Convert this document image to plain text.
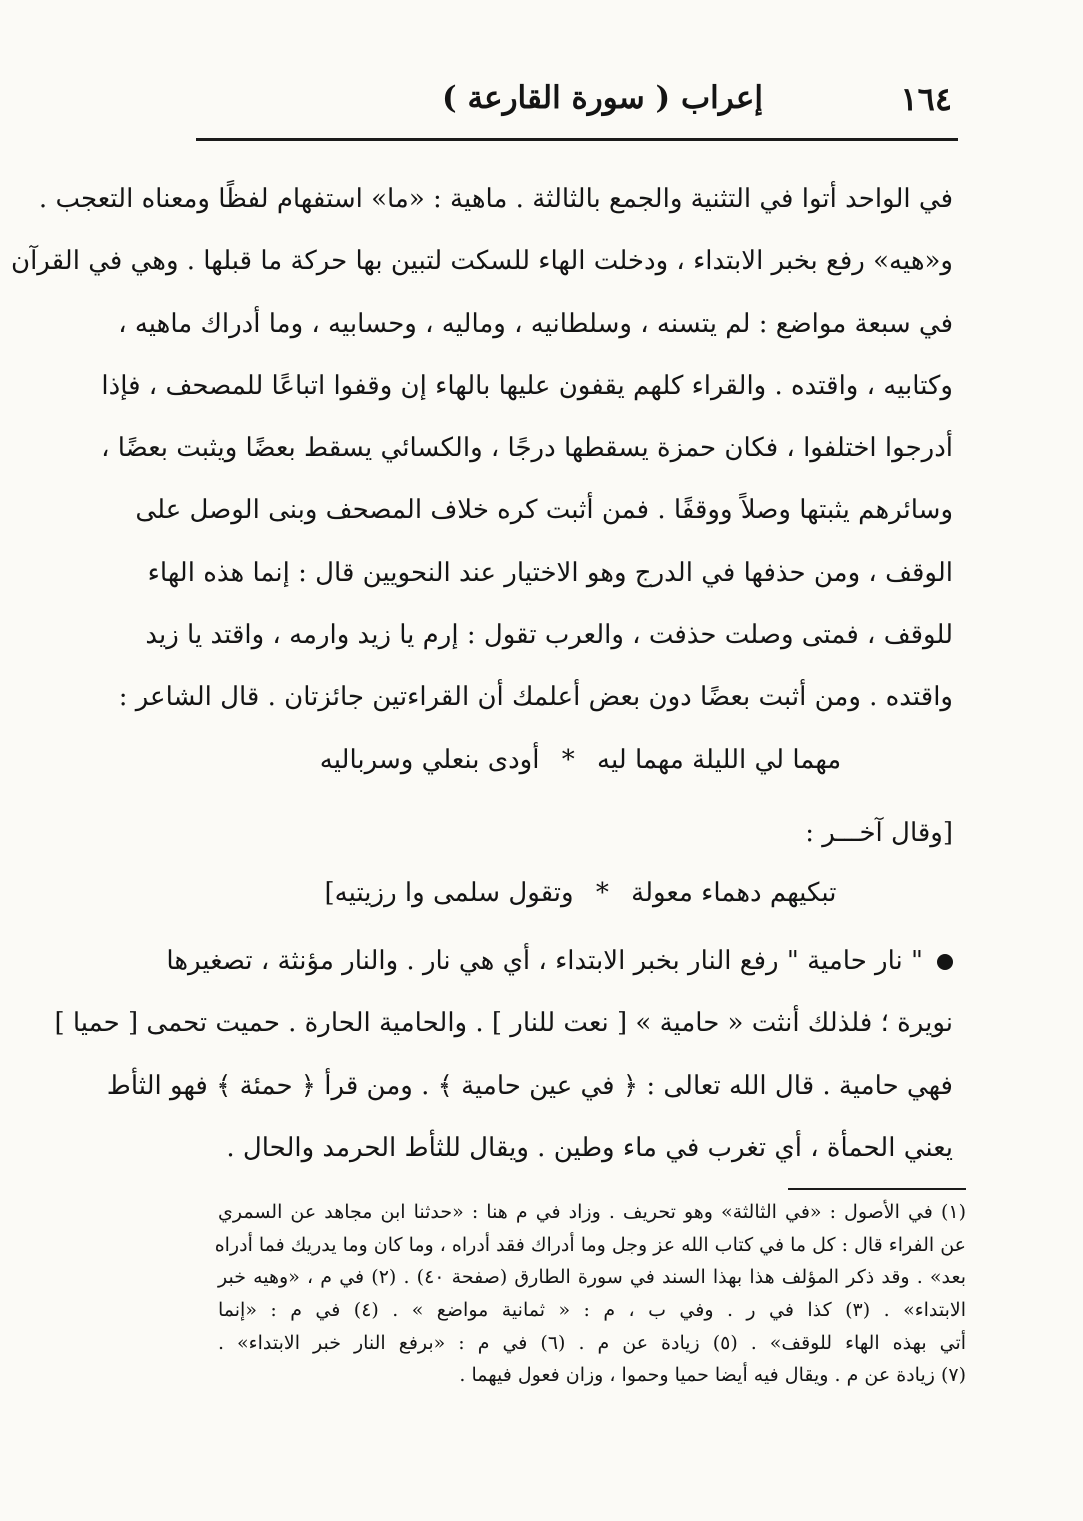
١٦٤
إعراب ( سورة القارعة )
في الواحد أتوا في التثنية والجمع بالثالثة . ماهية : «ما» استفهام لفظًا ومعناه التعجب .
و«هيه» رفع بخبر الابتداء ، ودخلت الهاء للسكت لتبين بها حركة ما قبلها . وهي في القرآن
في سبعة مواضع : لم يتسنه ، وسلطانيه ، وماليه ، وحسابيه ، وما أدراك ماهيه ،
وكتابيه ، واقتده . والقراء كلهم يقفون عليها بالهاء إن وقفوا اتباعًا للمصحف ، فإذا
أدرجوا اختلفوا ، فكان حمزة يسقطها درجًا ، والكسائي يسقط بعضًا ويثبت بعضًا ،
وسائرهم يثبتها وصلاً ووقفًا . فمن أثبت كره خلاف المصحف وبنى الوصل على
الوقف ، ومن حذفها في الدرج وهو الاختيار عند النحويين قال : إنما هذه الهاء
للوقف ، فمتى وصلت حذفت ، والعرب تقول : إرم يا زيد وارمه ، واقتد يا زيد
واقتده . ومن أثبت بعضًا دون بعض أعلمك أن القراءتين جائزتان . قال الشاعر :
مهما لي الليلة مهما ليه * أودى بنعلي وسرباليه
[وقال آخـــر :
تبكيهم دهماء معولة * وتقول سلمى وا رزيتيه]
" نار حامية " رفع النار بخبر الابتداء ، أي هي نار . والنار مؤنثة ، تصغيرها
نويرة ؛ فلذلك أنثت « حامية » [ نعت للنار ] . والحامية الحارة . حميت تحمى [ حميا ]
فهي حامية . قال الله تعالى : ﴿ في عين حامية ﴾ . ومن قرأ ﴿ حمئة ﴾ فهو الثأط
يعني الحمأة ، أي تغرب في ماء وطين . ويقال للثأط الحرمد والحال .
(١) في الأصول : «في الثالثة» وهو تحريف . وزاد في م هنا : «حدثنا ابن مجاهد عن السمري
عن الفراء قال : كل ما في كتاب الله عز وجل وما أدراك فقد أدراه ، وما كان وما يدريك فما أدراه
بعد» . وقد ذكر المؤلف هذا بهذا السند في سورة الطارق (صفحة ٤٠) . (٢) في م ، «وهيه خبر
الابتداء» . (٣) كذا في ر . وفي ب ، م : « ثمانية مواضع » . (٤) في م : «إنما
أتي بهذه الهاء للوقف» . (٥) زيادة عن م . (٦) في م : «برفع النار خبر الابتداء» .
(٧) زيادة عن م . ويقال فيه أيضا حميا وحموا ، وزان فعول فيهما .
